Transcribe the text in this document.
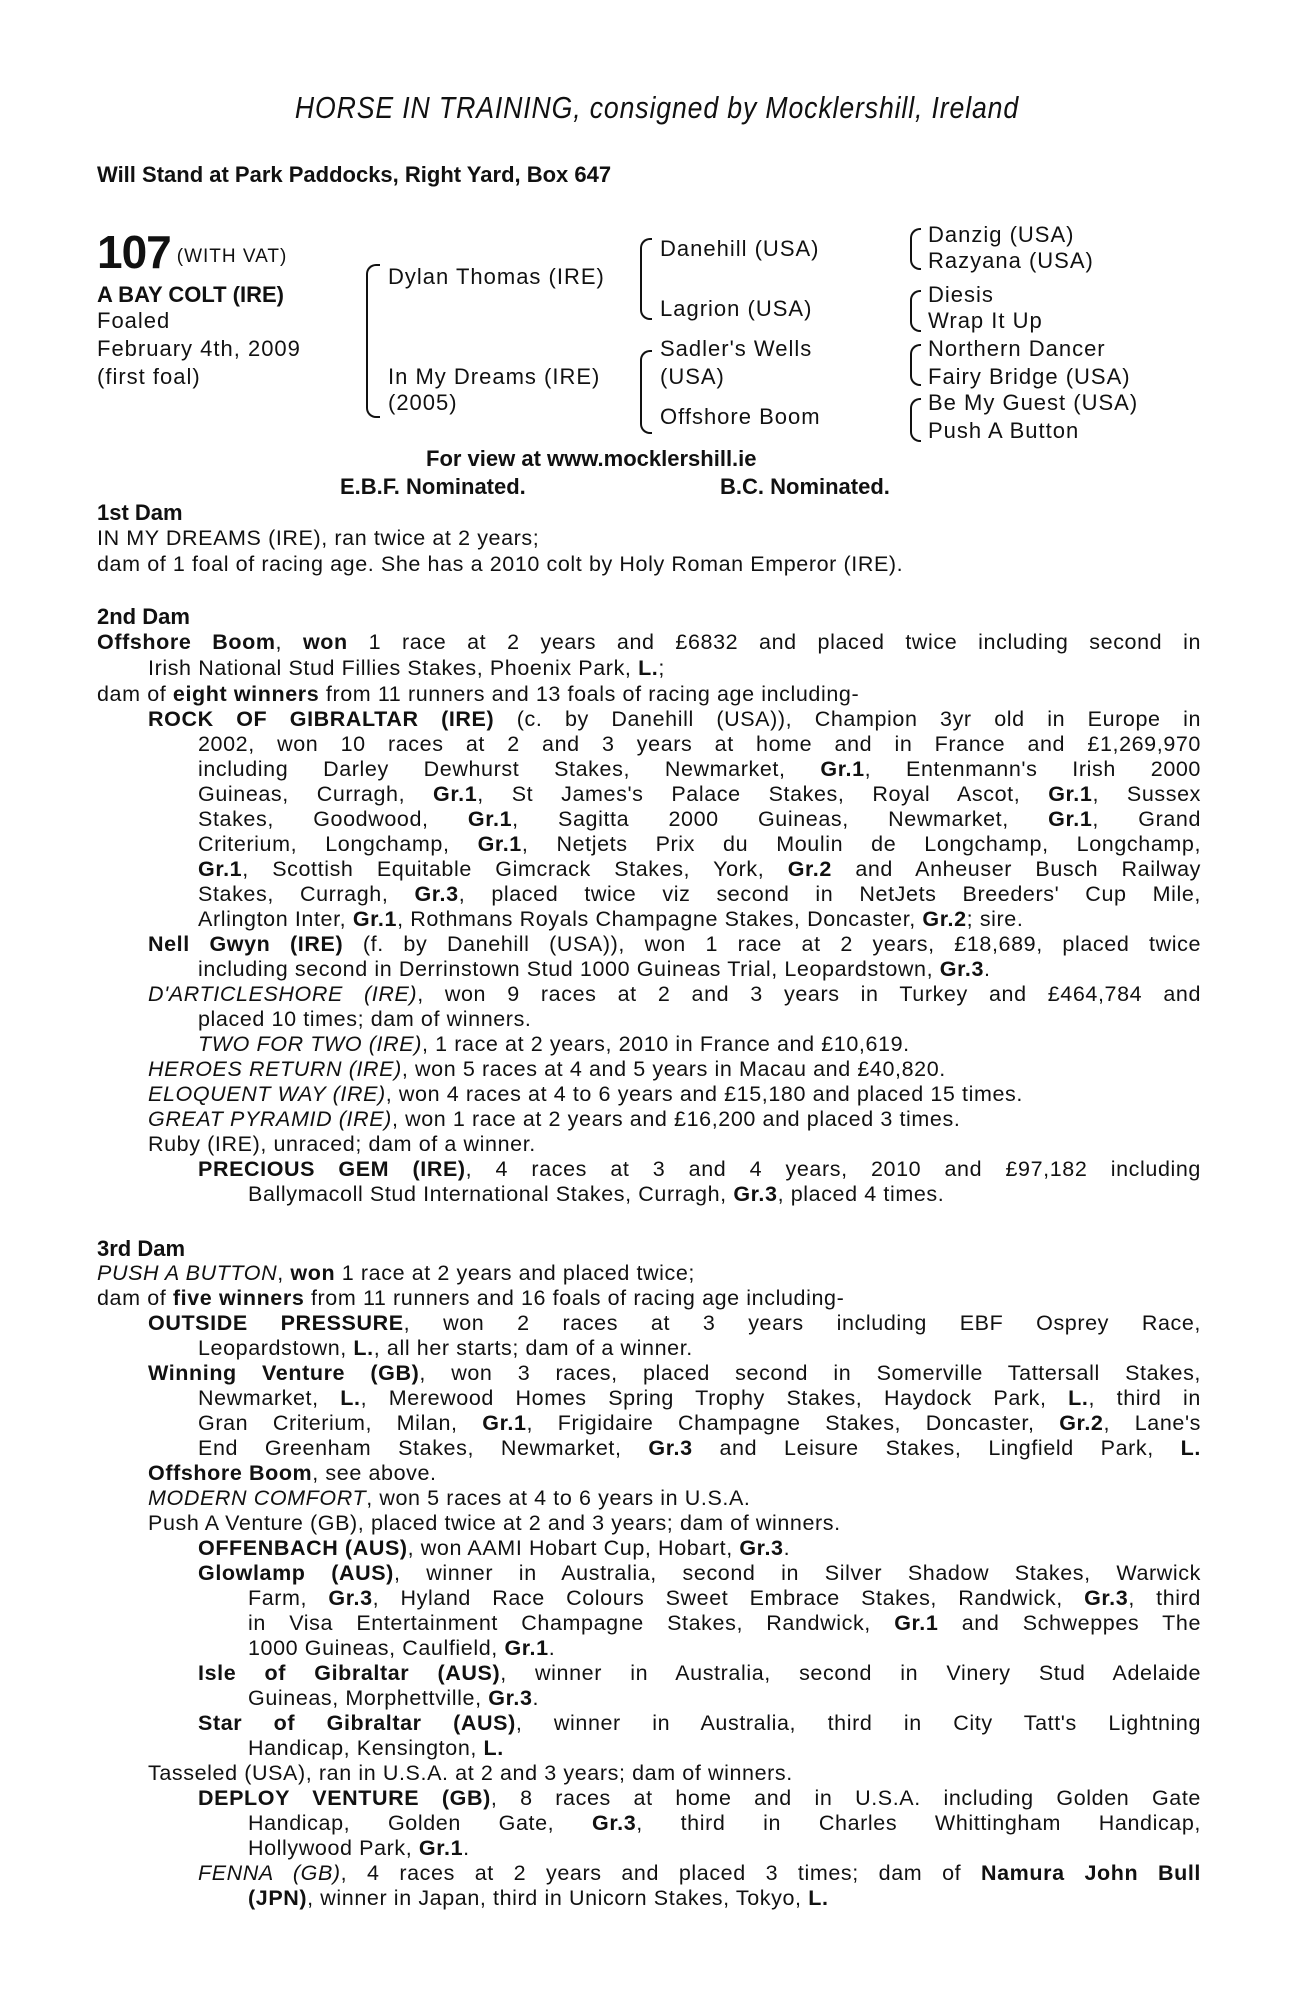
HORSE IN TRAINING, consigned by Mocklershill, Ireland
Will Stand at Park Paddocks, Right Yard, Box 647
107 (WITH VAT)
A BAY COLT (IRE)
Foaled
February 4th, 2009
(first foal)
Dylan Thomas (IRE)
In My Dreams (IRE)
(2005)
Danehill (USA)
Lagrion (USA)
Sadler's Wells
(USA)
Offshore Boom
Danzig (USA)
Razyana (USA)
Diesis
Wrap It Up
Northern Dancer
Fairy Bridge (USA)
Be My Guest (USA)
Push A Button
For view at www.mocklershill.ie
E.B.F. Nominated.	B.C. Nominated.
1st Dam
IN MY DREAMS (IRE), ran twice at 2 years;
dam of 1 foal of racing age. She has a 2010 colt by Holy Roman Emperor (IRE).
2nd Dam
Offshore Boom, won 1 race at 2 years and £6832 and placed twice including second in
Irish National Stud Fillies Stakes, Phoenix Park, L.;
dam of eight winners from 11 runners and 13 foals of racing age including-
ROCK OF GIBRALTAR (IRE) (c. by Danehill (USA)), Champion 3yr old in Europe in
2002, won 10 races at 2 and 3 years at home and in France and £1,269,970
including Darley Dewhurst Stakes, Newmarket, Gr.1, Entenmann's Irish 2000
Guineas, Curragh, Gr.1, St James's Palace Stakes, Royal Ascot, Gr.1, Sussex
Stakes, Goodwood, Gr.1, Sagitta 2000 Guineas, Newmarket, Gr.1, Grand
Criterium, Longchamp, Gr.1, Netjets Prix du Moulin de Longchamp, Longchamp,
Gr.1, Scottish Equitable Gimcrack Stakes, York, Gr.2 and Anheuser Busch Railway
Stakes, Curragh, Gr.3, placed twice viz second in NetJets Breeders' Cup Mile,
Arlington Inter, Gr.1, Rothmans Royals Champagne Stakes, Doncaster, Gr.2; sire.
Nell Gwyn (IRE) (f. by Danehill (USA)), won 1 race at 2 years, £18,689, placed twice
including second in Derrinstown Stud 1000 Guineas Trial, Leopardstown, Gr.3.
D'ARTICLESHORE (IRE), won 9 races at 2 and 3 years in Turkey and £464,784 and
placed 10 times; dam of winners.
TWO FOR TWO (IRE), 1 race at 2 years, 2010 in France and £10,619.
HEROES RETURN (IRE), won 5 races at 4 and 5 years in Macau and £40,820.
ELOQUENT WAY (IRE), won 4 races at 4 to 6 years and £15,180 and placed 15 times.
GREAT PYRAMID (IRE), won 1 race at 2 years and £16,200 and placed 3 times.
Ruby (IRE), unraced; dam of a winner.
PRECIOUS GEM (IRE), 4 races at 3 and 4 years, 2010 and £97,182 including
Ballymacoll Stud International Stakes, Curragh, Gr.3, placed 4 times.
3rd Dam
PUSH A BUTTON, won 1 race at 2 years and placed twice;
dam of five winners from 11 runners and 16 foals of racing age including-
OUTSIDE PRESSURE, won 2 races at 3 years including EBF Osprey Race,
Leopardstown, L., all her starts; dam of a winner.
Winning Venture (GB), won 3 races, placed second in Somerville Tattersall Stakes,
Newmarket, L., Merewood Homes Spring Trophy Stakes, Haydock Park, L., third in
Gran Criterium, Milan, Gr.1, Frigidaire Champagne Stakes, Doncaster, Gr.2, Lane's
End Greenham Stakes, Newmarket, Gr.3 and Leisure Stakes, Lingfield Park, L.
Offshore Boom, see above.
MODERN COMFORT, won 5 races at 4 to 6 years in U.S.A.
Push A Venture (GB), placed twice at 2 and 3 years; dam of winners.
OFFENBACH (AUS), won AAMI Hobart Cup, Hobart, Gr.3.
Glowlamp (AUS), winner in Australia, second in Silver Shadow Stakes, Warwick
Farm, Gr.3, Hyland Race Colours Sweet Embrace Stakes, Randwick, Gr.3, third
in Visa Entertainment Champagne Stakes, Randwick, Gr.1 and Schweppes The
1000 Guineas, Caulfield, Gr.1.
Isle of Gibraltar (AUS), winner in Australia, second in Vinery Stud Adelaide
Guineas, Morphettville, Gr.3.
Star of Gibraltar (AUS), winner in Australia, third in City Tatt's Lightning
Handicap, Kensington, L.
Tasseled (USA), ran in U.S.A. at 2 and 3 years; dam of winners.
DEPLOY VENTURE (GB), 8 races at home and in U.S.A. including Golden Gate
Handicap, Golden Gate, Gr.3, third in Charles Whittingham Handicap,
Hollywood Park, Gr.1.
FENNA (GB), 4 races at 2 years and placed 3 times; dam of Namura John Bull
(JPN), winner in Japan, third in Unicorn Stakes, Tokyo, L.
